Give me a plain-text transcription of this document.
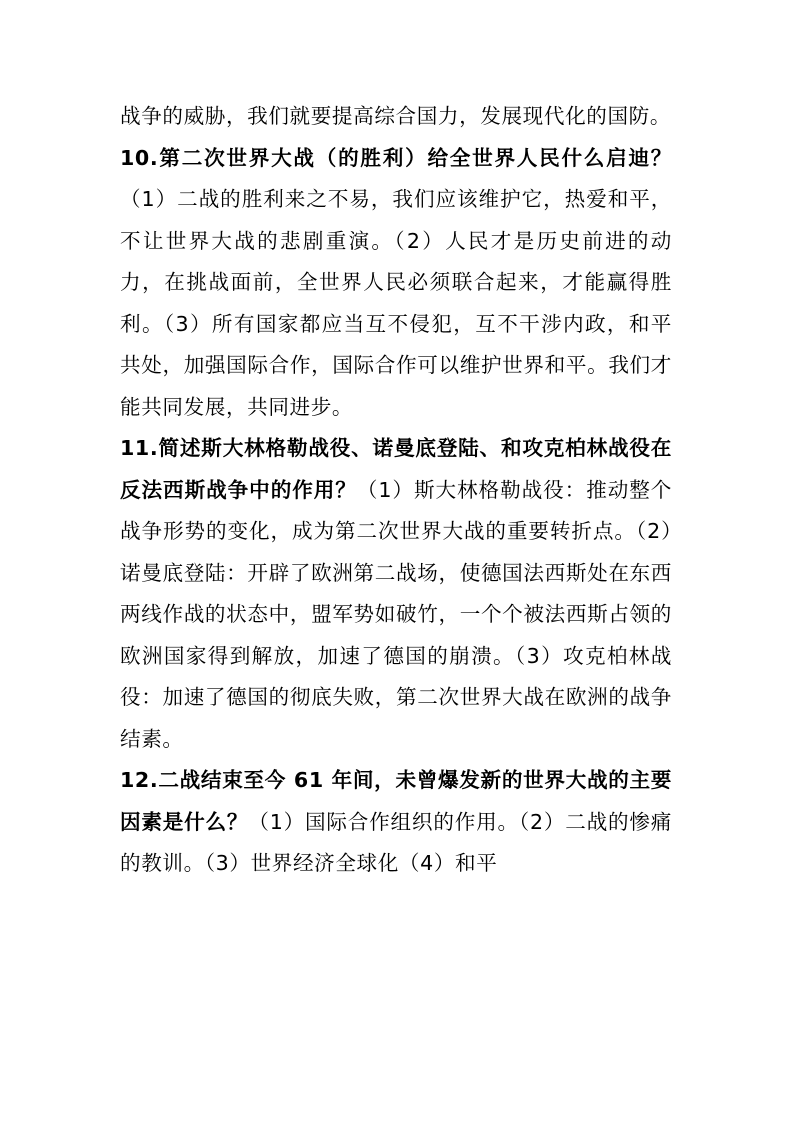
战争的威胁，我们就要提高综合国力，发展现代化的国防。

10.第二次世界大战（的胜利）给全世界人民什么启迪？（1）二战的胜利来之不易，我们应该维护它，热爱和平，不让世界大战的悲剧重演。（2）人民才是历史前进的动力，在挑战面前，全世界人民必须联合起来，才能赢得胜利。（3）所有国家都应当互不侵犯，互不干涉内政，和平共处，加强国际合作，国际合作可以维护世界和平。我们才能共同发展，共同进步。

11.简述斯大林格勒战役、诺曼底登陆、和攻克柏林战役在反法西斯战争中的作用？（1）斯大林格勒战役：推动整个战争形势的变化，成为第二次世界大战的重要转折点。（2）诺曼底登陆：开辟了欧洲第二战场，使德国法西斯处在东西两线作战的状态中，盟军势如破竹，一个个被法西斯占领的欧洲国家得到解放，加速了德国的崩溃。（3）攻克柏林战役：加速了德国的彻底失败，第二次世界大战在欧洲的战争结素。

12.二战结束至今 61 年间，未曾爆发新的世界大战的主要因素是什么？（1）国际合作组织的作用。（2）二战的惨痛的教训。（3）世界经济全球化（4）和平
